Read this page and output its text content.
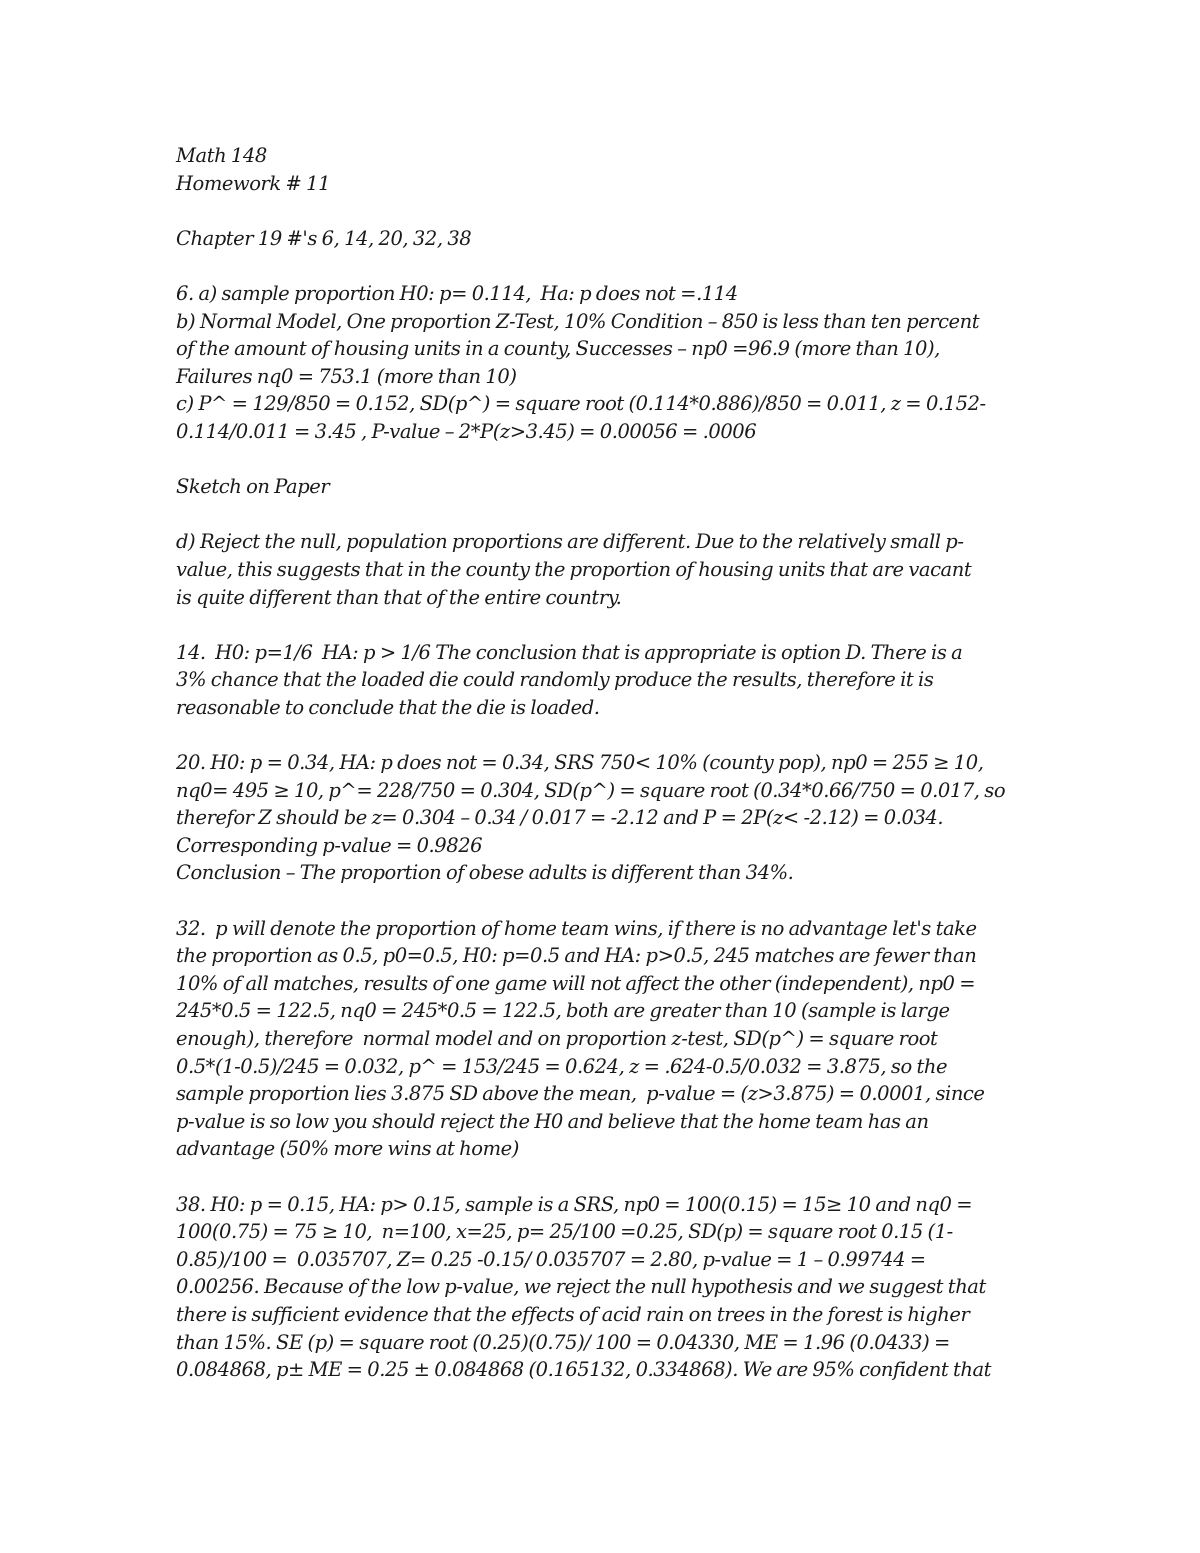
Math 148
Homework # 11
Chapter 19 #'s 6, 14, 20, 32, 38
6. a) sample proportion H0: p= 0.114,  Ha: p does not =.114
b) Normal Model, One proportion Z-Test, 10% Condition – 850 is less than ten percent
of the amount of housing units in a county, Successes – np0 =96.9 (more than 10),
Failures nq0 = 753.1 (more than 10)
c) P^ = 129/850 = 0.152, SD(p^) = square root (0.114*0.886)/850 = 0.011, z = 0.152-
0.114/0.011 = 3.45 , P-value – 2*P(z>3.45) = 0.00056 = .0006
Sketch on Paper
d) Reject the null, population proportions are different. Due to the relatively small p-
value, this suggests that in the county the proportion of housing units that are vacant
is quite different than that of the entire country.
14.  H0: p=1/6  HA: p > 1/6 The conclusion that is appropriate is option D. There is a
3% chance that the loaded die could randomly produce the results, therefore it is
reasonable to conclude that the die is loaded.
20. H0: p = 0.34, HA: p does not = 0.34, SRS 750< 10% (county pop), np0 = 255 ≥ 10,
nq0= 495 ≥ 10, p^= 228/750 = 0.304, SD(p^) = square root (0.34*0.66/750 = 0.017, so
therefor Z should be z= 0.304 – 0.34 / 0.017 = -2.12 and P = 2P(z< -2.12) = 0.034.
Corresponding p-value = 0.9826
Conclusion – The proportion of obese adults is different than 34%.
32.  p will denote the proportion of home team wins, if there is no advantage let's take
the proportion as 0.5, p0=0.5, H0: p=0.5 and HA: p>0.5, 245 matches are fewer than
10% of all matches, results of one game will not affect the other (independent), np0 =
245*0.5 = 122.5, nq0 = 245*0.5 = 122.5, both are greater than 10 (sample is large
enough), therefore  normal model and on proportion z-test, SD(p^) = square root
0.5*(1-0.5)/245 = 0.032, p^ = 153/245 = 0.624, z = .624-0.5/0.032 = 3.875, so the
sample proportion lies 3.875 SD above the mean,  p-value = (z>3.875) = 0.0001, since
p-value is so low you should reject the H0 and believe that the home team has an
advantage (50% more wins at home)
38. H0: p = 0.15, HA: p> 0.15, sample is a SRS, np0 = 100(0.15) = 15≥ 10 and nq0 =
100(0.75) = 75 ≥ 10,  n=100, x=25, p= 25/100 =0.25, SD(p) = square root 0.15 (1-
0.85)/100 =  0.035707, Z= 0.25 -0.15/ 0.035707 = 2.80, p-value = 1 – 0.99744 =
0.00256. Because of the low p-value, we reject the null hypothesis and we suggest that
there is sufficient evidence that the effects of acid rain on trees in the forest is higher
than 15%. SE (p) = square root (0.25)(0.75)/ 100 = 0.04330, ME = 1.96 (0.0433) =
0.084868, p± ME = 0.25 ± 0.084868 (0.165132, 0.334868). We are 95% confident that
